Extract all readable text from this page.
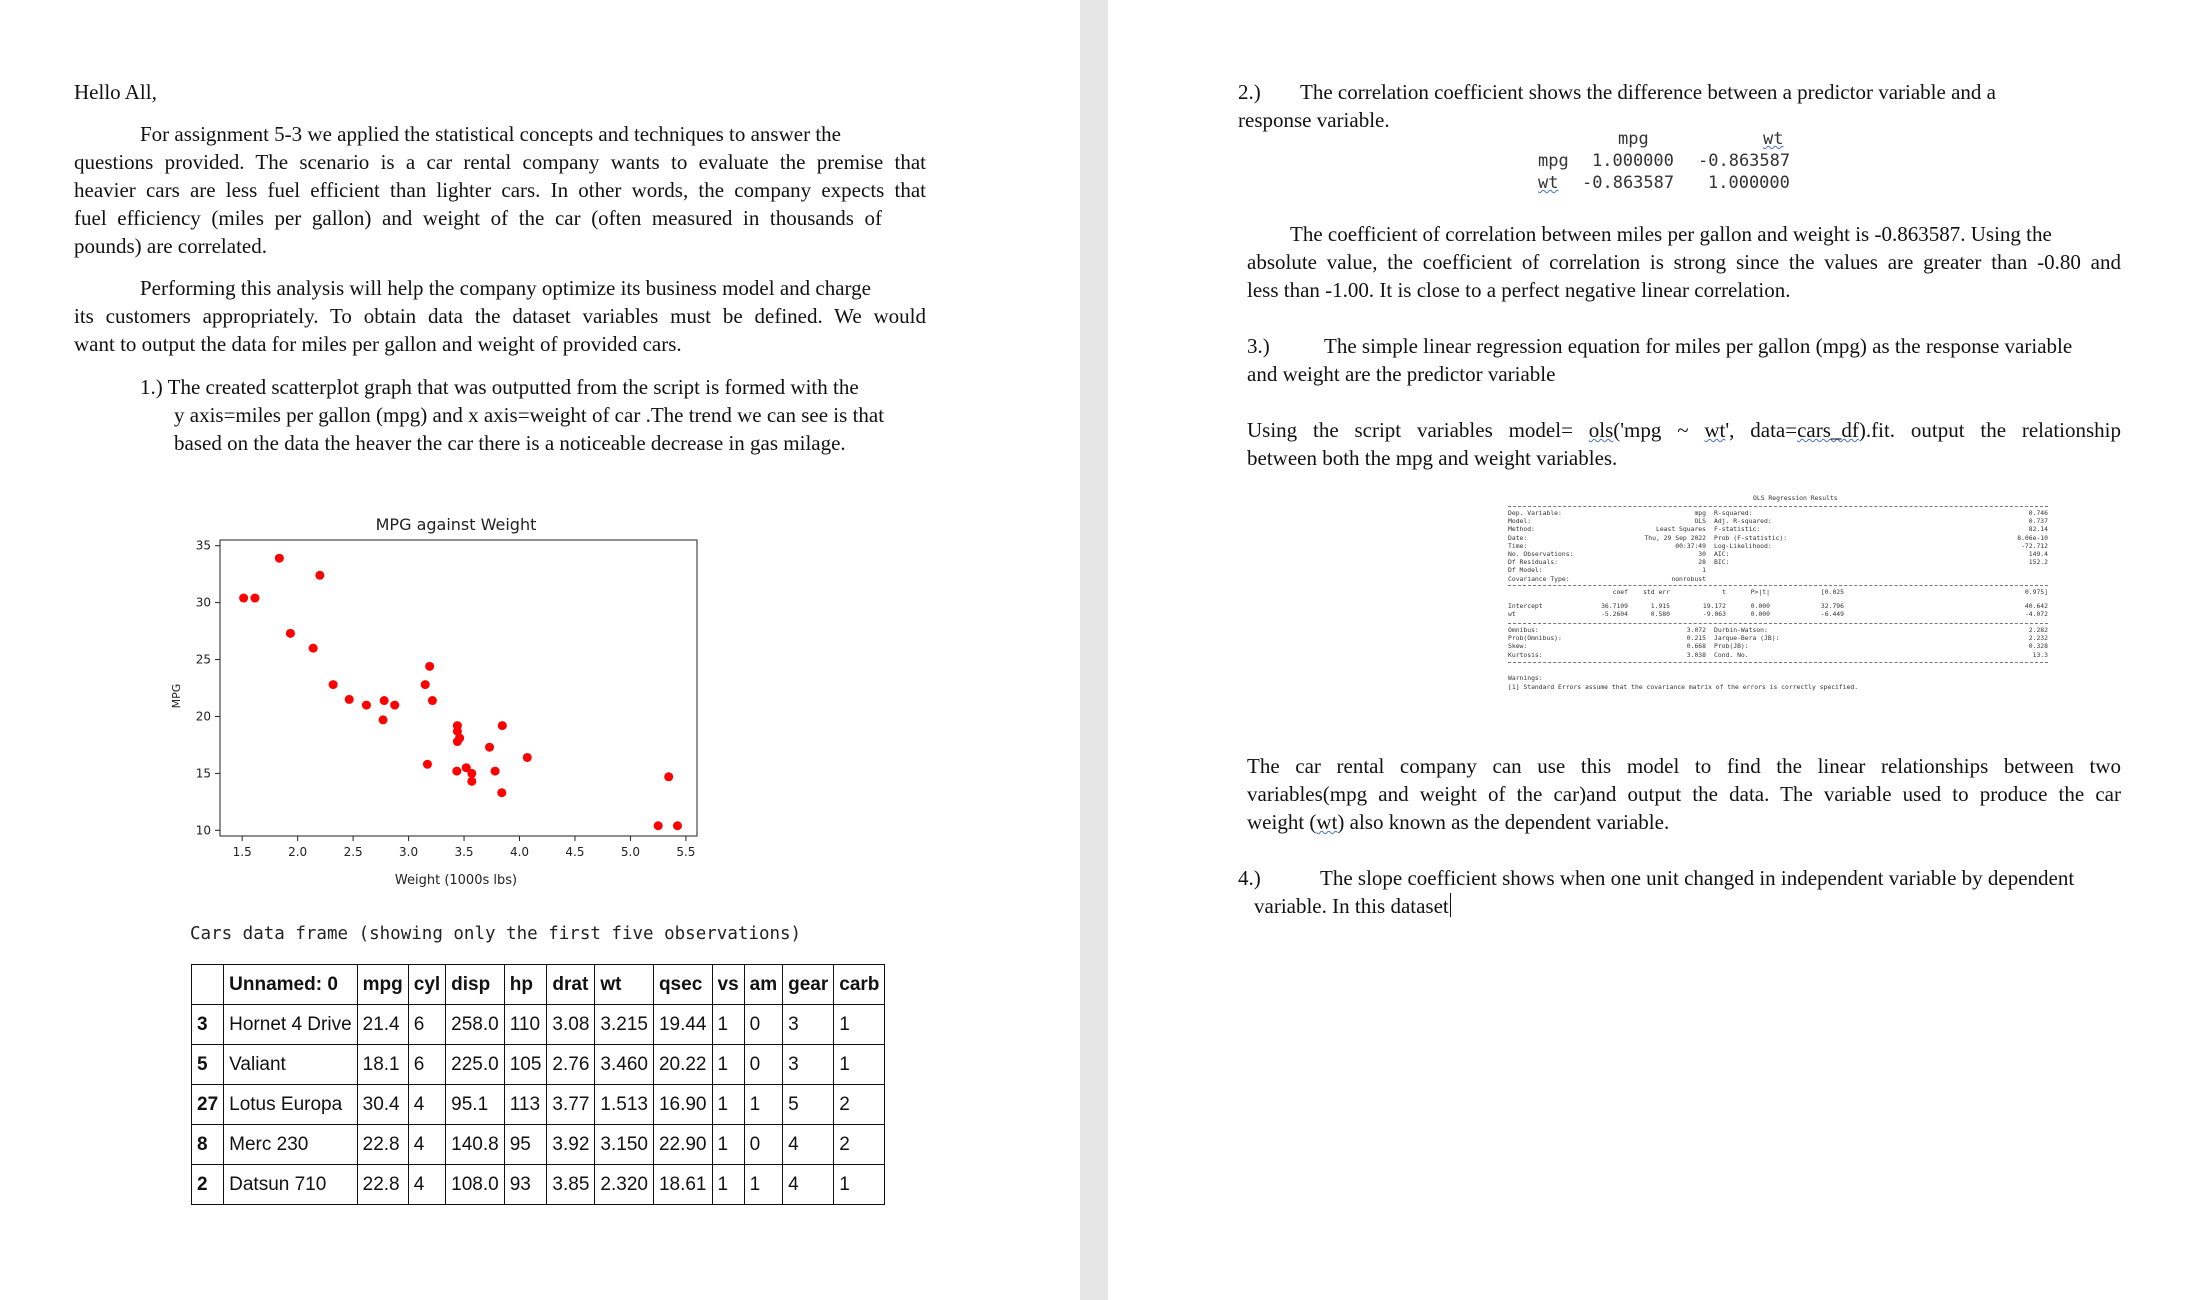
Hello All,
For assignment 5-3 we applied the statistical concepts and techniques to answer the
questions provided. The scenario is a car rental company wants to evaluate the premise that
heavier cars are less fuel efficient than lighter cars. In other words, the company expects that
fuel efficiency (miles per gallon) and weight of the car (often measured in thousands of
pounds) are correlated.
Performing this analysis will help the company optimize its business model and charge
its customers appropriately. To obtain data the dataset variables must be defined. We would
want to output the data for miles per gallon and weight of provided cars.
1.) The created scatterplot graph that was outputted from the script is formed with the
y axis=miles per gallon (mpg) and x axis=weight of car .The trend we can see is that
based on the data the heaver the car there is a noticeable decrease in gas milage.
MPG against Weight
1.5	2.0	2.5	3.0	3.5	4.0	4.5	5.0	5.5
10
15
20
25
30
35
Weight (1000s lbs)
MPG
Cars data frame (showing only the first five observations)
	Unnamed: 0	mpg	cyl	disp	hp	drat	wt	qsec	vs	am	gear	carb
3	Hornet 4 Drive	21.4	6	258.0	110	3.08	3.215	19.44	1	0	3	1
5	Valiant	18.1	6	225.0	105	2.76	3.460	20.22	1	0	3	1
27	Lotus Europa	30.4	4	95.1	113	3.77	1.513	16.90	1	1	5	2
8	Merc 230	22.8	4	140.8	95	3.92	3.150	22.90	1	0	4	2
2	Datsun 710	22.8	4	108.0	93	3.85	2.320	18.61	1	1	4	1
2.) The correlation coefficient shows the difference between a predictor variable and a
response variable.
mpg	wt
mpg 1.000000 -0.863587
wt -0.863587 1.000000
The coefficient of correlation between miles per gallon and weight is -0.863587. Using the
absolute value, the coefficient of correlation is strong since the values are greater than -0.80 and
less than -1.00. It is close to a perfect negative linear correlation.
3.)	The simple linear regression equation for miles per gallon (mpg) as the response variable
and weight are the predictor variable
Using the script variables model= ols('mpg ~ wt', data=cars_df).fit. output the relationship
between both the mpg and weight variables.
OLS Regression Results
Dep. Variable:	mpg R-squared:	0.746
Model:	OLS Adj. R-squared:	0.737
Method:	Least Squares F-statistic:	82.14
Date:	Thu, 29 Sep 2022 Prob (F-statistic):	8.06e-10
Time:	00:37:49 Log-Likelihood:	-72.712
No. Observations:	30 AIC:	149.4
Df Residuals:	28 BIC:	152.2
Df Model:	1
Covariance Type:	nonrobust
coef std err	t	P>|t|	[0.025	0.975]
Intercept	36.7109	1.915	19.172	0.000	32.796	40.642
wt	-5.2604	0.580	-9.063	0.000	-6.449	-4.072
Omnibus:	3.072 Durbin-Watson:	2.282
Prob(Omnibus):	0.215 Jarque-Bera (JB):	2.232
Skew:	0.668 Prob(JB):	0.328
Kurtosis:	3.038 Cond. No.	13.3
Warnings:
[1] Standard Errors assume that the covariance matrix of the errors is correctly specified.
The car rental company can use this model to find the linear relationships between two
variables(mpg and weight of the car)and output the data. The variable used to produce the car
weight (wt) also known as the dependent variable.
4.)	The slope coefficient shows when one unit changed in independent variable by dependent
variable. In this dataset
